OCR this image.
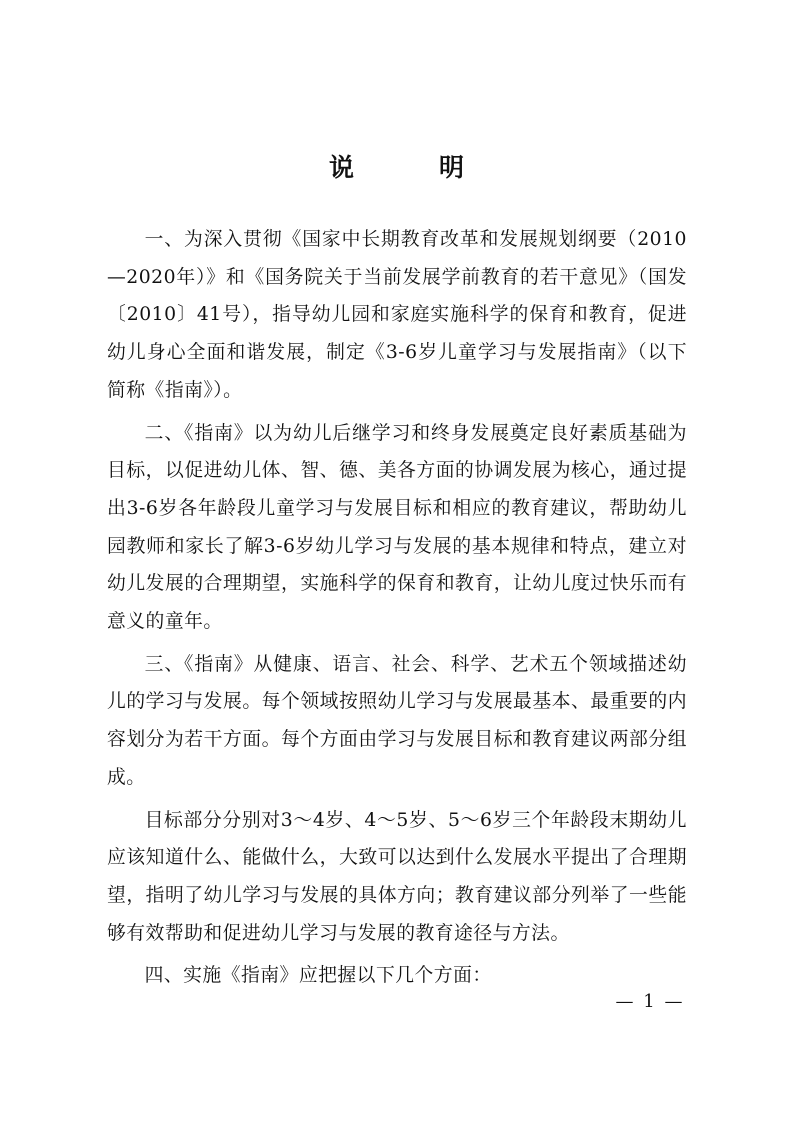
说　明

一、为深入贯彻《国家中长期教育改革和发展规划纲要（2010—2020年）》和《国务院关于当前发展学前教育的若干意见》（国发〔2010〕41号），指导幼儿园和家庭实施科学的保育和教育，促进幼儿身心全面和谐发展，制定《3-6岁儿童学习与发展指南》（以下简称《指南》）。

二、《指南》以为幼儿后继学习和终身发展奠定良好素质基础为目标，以促进幼儿体、智、德、美各方面的协调发展为核心，通过提出3-6岁各年龄段儿童学习与发展目标和相应的教育建议，帮助幼儿园教师和家长了解3-6岁幼儿学习与发展的基本规律和特点，建立对幼儿发展的合理期望，实施科学的保育和教育，让幼儿度过快乐而有意义的童年。

三、《指南》从健康、语言、社会、科学、艺术五个领域描述幼儿的学习与发展。每个领域按照幼儿学习与发展最基本、最重要的内容划分为若干方面。每个方面由学习与发展目标和教育建议两部分组成。

目标部分分别对3～4岁、4～5岁、5～6岁三个年龄段末期幼儿应该知道什么、能做什么，大致可以达到什么发展水平提出了合理期望，指明了幼儿学习与发展的具体方向；教育建议部分列举了一些能够有效帮助和促进幼儿学习与发展的教育途径与方法。

四、实施《指南》应把握以下几个方面：

— 1 —
